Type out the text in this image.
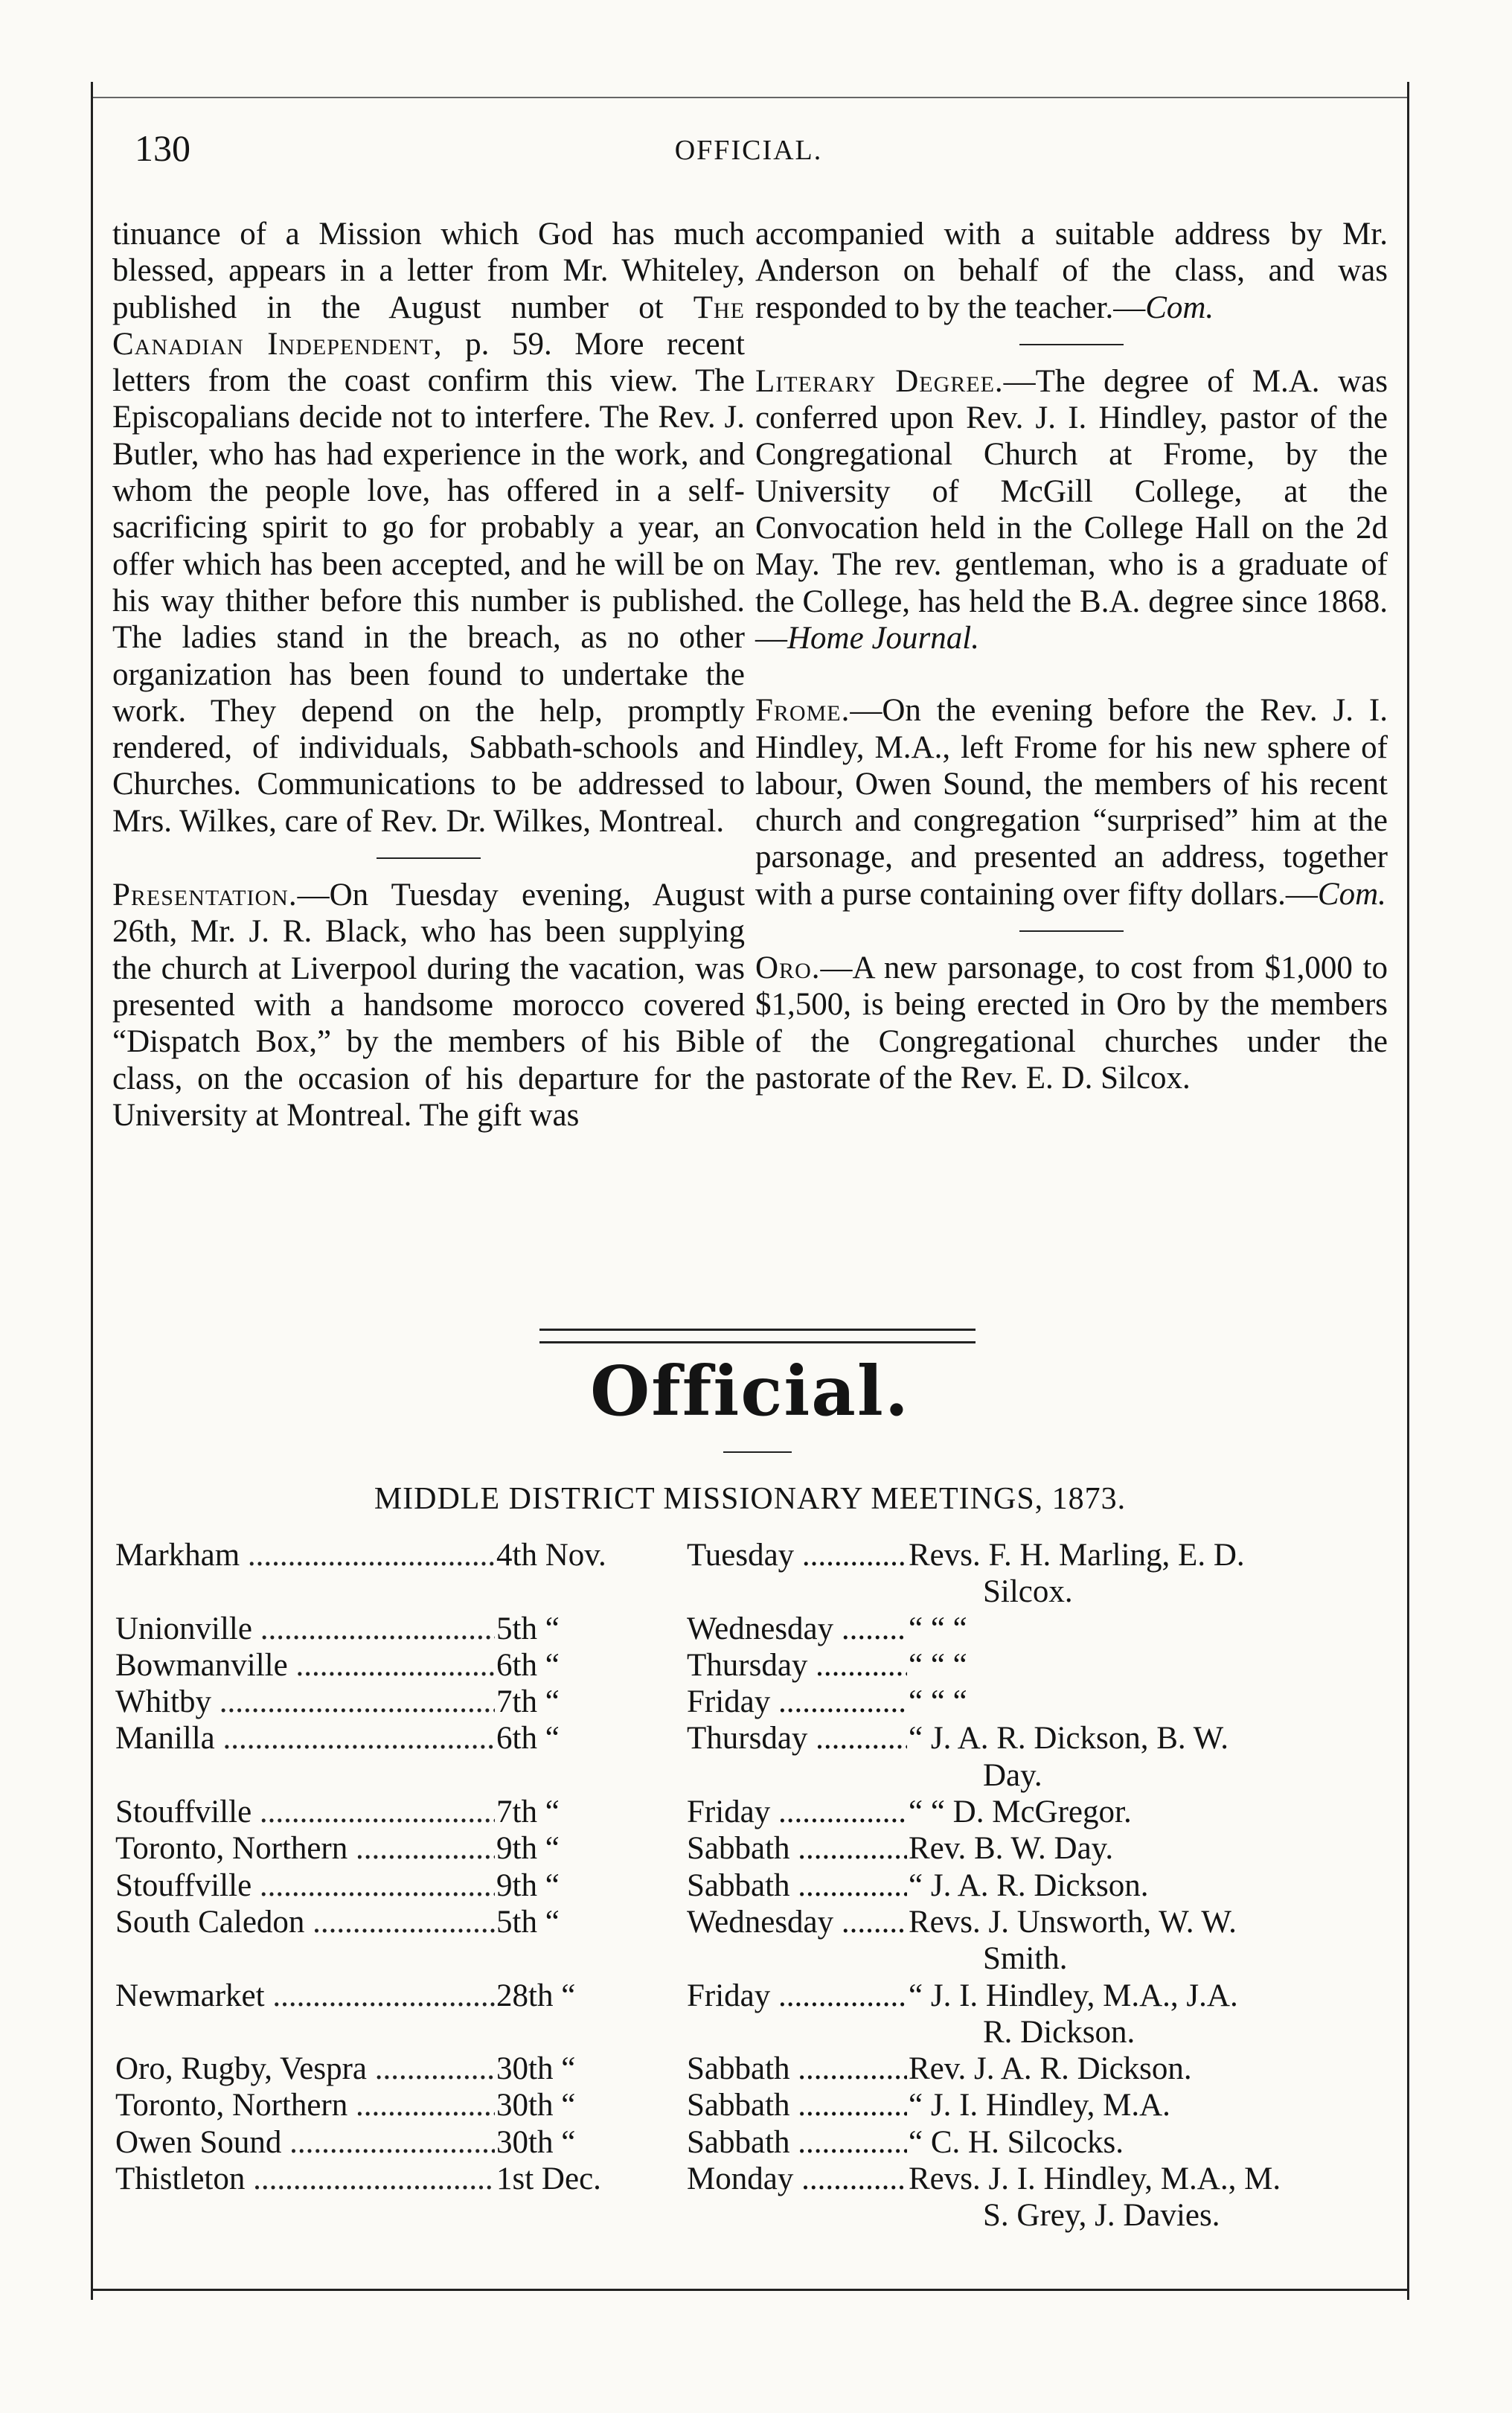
130	OFFICIAL.

tinuance of a Mission which God has much blessed, appears in a letter from Mr. Whiteley, published in the August number ot The Canadian Independent, p. 59. More recent letters from the coast confirm this view. The Episcopalians decide not to interfere. The Rev. J. Butler, who has had experience in the work, and whom the people love, has offered in a self-sacrificing spirit to go for probably a year, an offer which has been accepted, and he will be on his way thither before this number is published. The ladies stand in the breach, as no other organization has been found to undertake the work. They depend on the help, promptly rendered, of individuals, Sabbath-schools and Churches. Communications to be addressed to Mrs. Wilkes, care of Rev. Dr. Wilkes, Montreal.

Presentation.—On Tuesday evening, August 26th, Mr. J. R. Black, who has been supplying the church at Liverpool during the vacation, was presented with a handsome morocco covered “Dispatch Box,” by the members of his Bible class, on the occasion of his departure for the University at Montreal. The gift was

accompanied with a suitable address by Mr. Anderson on behalf of the class, and was responded to by the teacher.—Com.

Literary Degree.—The degree of M.A. was conferred upon Rev. J. I. Hindley, pastor of the Congregational Church at Frome, by the University of McGill College, at the Convocation held in the College Hall on the 2d May. The rev. gentleman, who is a graduate of the College, has held the B.A. degree since 1868.—Home Journal.

Frome.—On the evening before the Rev. J. I. Hindley, M.A., left Frome for his new sphere of labour, Owen Sound, the members of his recent church and congregation “surprised” him at the parsonage, and presented an address, together with a purse containing over fifty dollars.—Com.

Oro.—A new parsonage, to cost from $1,000 to $1,500, is being erected in Oro by the members of the Congregational churches under the pastorate of the Rev. E. D. Silcox.

Official.
MIDDLE DISTRICT MISSIONARY MEETINGS, 1873.
Markham .....	4th Nov.	Tuesday .....	Revs. F. H. Marling, E. D.
Silcox.
Unionville .....	5th “	Wednesday .....	“ “ “
Bowmanville .....	6th “	Thursday .....	“ “ “
Whitby .....	7th “	Friday .....	“ “ “
Manilla .....	6th “	Thursday .....	“ J. A. R. Dickson, B. W.
Day.
Stouffville .....	7th “	Friday .....	“ “ D. McGregor.
Toronto, Northern .....	9th “	Sabbath .....	Rev. B. W. Day.
Stouffville .....	9th “	Sabbath .....	“ J. A. R. Dickson.
South Caledon .....	5th “	Wednesday .....	Revs. J. Unsworth, W. W.
Smith.
Newmarket .....	28th “	Friday .....	“ J. I. Hindley, M.A., J.A.
R. Dickson.
Oro, Rugby, Vespra .....	30th “	Sabbath .....	Rev. J. A. R. Dickson.
Toronto, Northern .....	30th “	Sabbath .....	“ J. I. Hindley, M.A.
Owen Sound .....	30th “	Sabbath .....	“ C. H. Silcocks.
Thistleton .....	1st Dec.	Monday .....	Revs. J. I. Hindley, M.A., M.
S. Grey, J. Davies.
